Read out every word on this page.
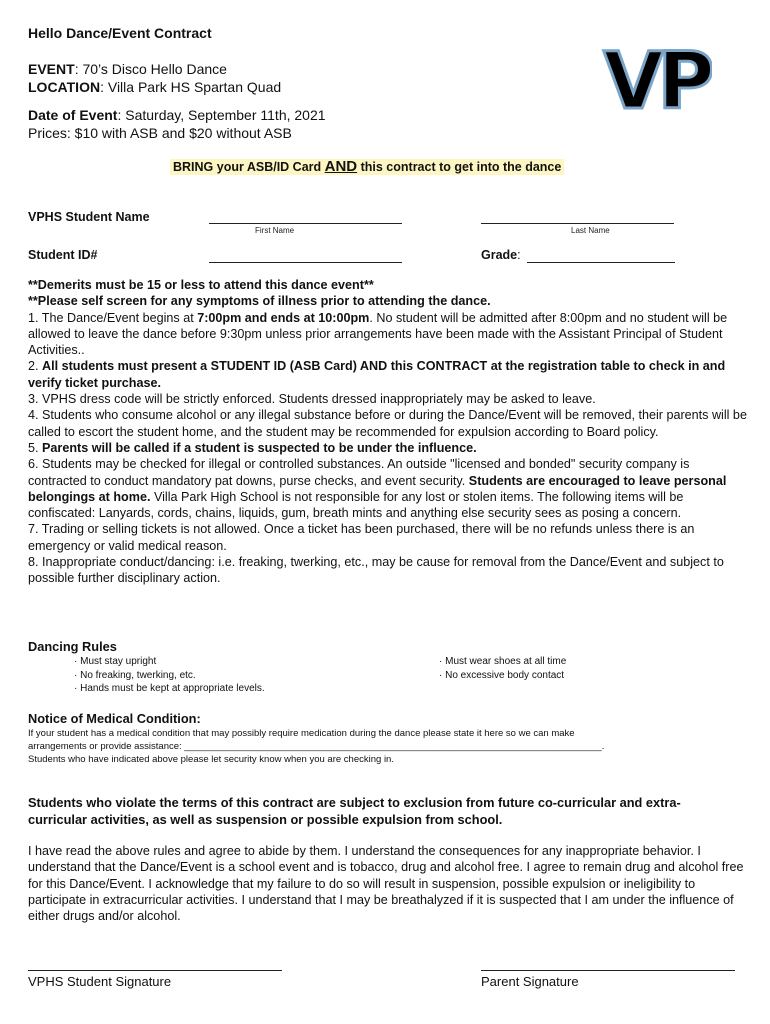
Hello Dance/Event Contract
EVENT: 70’s Disco Hello Dance
LOCATION: Villa Park HS Spartan Quad
Date of Event: Saturday, September 11th, 2021
Prices: $10 with ASB and $20 without ASB
VP
BRING your ASB/ID Card AND this contract to get into the dance
VPHS Student Name
First Name	Last Name
Student ID#	Grade:

**Demerits must be 15 or less to attend this dance event**

**Please self screen for any symptoms of illness prior to attending the dance.

1. The Dance/Event begins at 7:00pm and ends at 10:00pm. No student will be admitted after 8:00pm and no student will be allowed to leave the dance before 9:30pm unless prior arrangements have been made with the Assistant Principal of Student Activities..

2. All students must present a STUDENT ID (ASB Card) AND this CONTRACT at the registration table to check in and verify ticket purchase.

3. VPHS dress code will be strictly enforced. Students dressed inappropriately may be asked to leave.

4. Students who consume alcohol or any illegal substance before or during the Dance/Event will be removed, their parents will be called to escort the student home, and the student may be recommended for expulsion according to Board policy.

5. Parents will be called if a student is suspected to be under the influence.

6. Students may be checked for illegal or controlled substances. An outside "licensed and bonded" security company is contracted to conduct mandatory pat downs, purse checks, and event security. Students are encouraged to leave personal belongings at home. Villa Park High School is not responsible for any lost or stolen items. The following items will be confiscated: Lanyards, cords, chains, liquids, gum, breath mints and anything else security sees as posing a concern.

7. Trading or selling tickets is not allowed. Once a ticket has been purchased, there will be no refunds unless there is an emergency or valid medical reason.

8. Inappropriate conduct/dancing: i.e. freaking, twerking, etc., may be cause for removal from the Dance/Event and subject to possible further disciplinary action.

Dancing Rules
· Must stay upright
· No freaking, twerking, etc.
· Hands must be kept at appropriate levels.
· Must wear shoes at all time
· No excessive body contact
Notice of Medical Condition:
If your student has a medical condition that may possibly require medication during the dance please state it here so we can make
arrangements or provide assistance: _______________________________________________________________________________.
Students who have indicated above please let security know when you are checking in.
Students who violate the terms of this contract are subject to exclusion from future co-curricular and extra-curricular activities, as well as suspension or possible expulsion from school.
I have read the above rules and agree to abide by them. I understand the consequences for any inappropriate behavior. I understand that the Dance/Event is a school event and is tobacco, drug and alcohol free. I agree to remain drug and alcohol free for this Dance/Event. I acknowledge that my failure to do so will result in suspension, possible expulsion or ineligibility to participate in extracurricular activities. I understand that I may be breathalyzed if it is suspected that I am under the influence of either drugs and/or alcohol.
VPHS Student Signature	Parent Signature
